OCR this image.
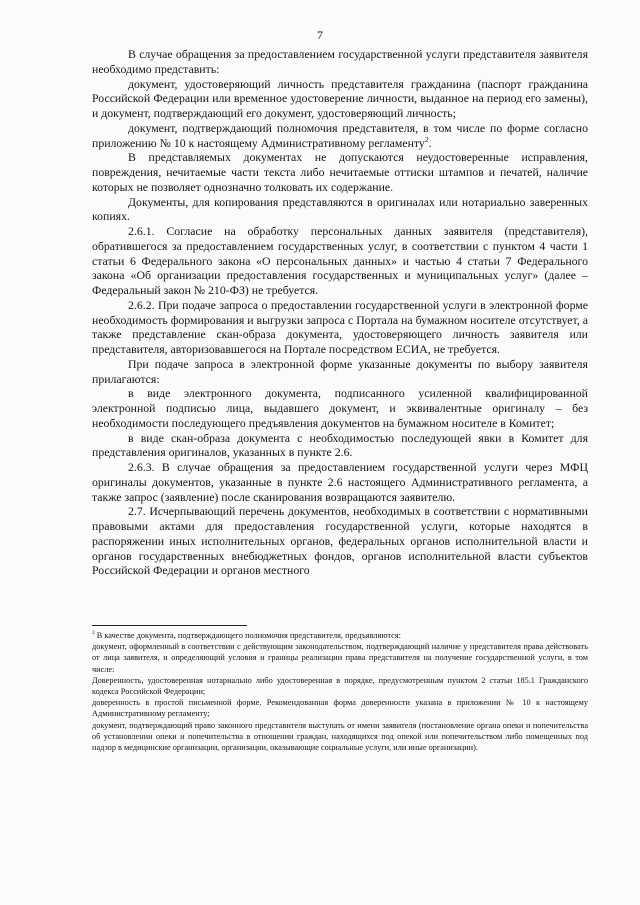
7

В случае обращения за предоставлением государственной услуги представителя заявителя необходимо представить:

документ, удостоверяющий личность представителя гражданина (паспорт гражданина Российской Федерации или временное удостоверение личности, выданное на период его замены), и документ, подтверждающий его документ, удостоверяющий личность;

документ, подтверждающий полномочия представителя, в том числе по форме согласно приложению № 10 к настоящему Административному регламенту$^2$.

В представляемых документах не допускаются неудостоверенные исправления, повреждения, нечитаемые части текста либо нечитаемые оттиски штампов и печатей, наличие которых не позволяет однозначно толковать их содержание.

Документы, для копирования представляются в оригиналах или нотариально заверенных копиях.

2.6.1. Согласие на обработку персональных данных заявителя (представителя), обратившегося за предоставлением государственных услуг, в соответствии с пунктом 4 части 1 статьи 6 Федерального закона «О персональных данных» и частью 4 статьи 7 Федерального закона «Об организации предоставления государственных и муниципальных услуг» (далее – Федеральный закон № 210-ФЗ) не требуется.

2.6.2. При подаче запроса о предоставлении государственной услуги в электронной форме необходимость формирования и выгрузки запроса с Портала на бумажном носителе отсутствует, а также представление скан-образа документа, удостоверяющего личность заявителя или представителя, авторизовавшегося на Портале посредством ЕСИА, не требуется.

При подаче запроса в электронной форме указанные документы по выбору заявителя прилагаются:

в виде электронного документа, подписанного усиленной квалифицированной электронной подписью лица, выдавшего документ, и эквивалентные оригиналу – без необходимости последующего предъявления документов на бумажном носителе в Комитет;

в виде скан-образа документа с необходимостью последующей явки в Комитет для представления оригиналов, указанных в пункте 2.6.

2.6.3. В случае обращения за предоставлением государственной услуги через МФЦ оригиналы документов, указанные в пункте 2.6 настоящего Административного регламента, а также запрос (заявление) после сканирования возвращаются заявителю.

2.7. Исчерпывающий перечень документов, необходимых в соответствии с нормативными правовыми актами для предоставления государственной услуги, которые находятся в распоряжении иных исполнительных органов, федеральных органов исполнительной власти и органов государственных внебюджетных фондов, органов исполнительной власти субъектов Российской Федерации и органов местного

$^2$ В качестве документа, подтверждающего полномочия представителя, предъявляются:

документ, оформленный в соответствии с действующим законодательством, подтверждающий наличие у представителя права действовать от лица заявителя, и определяющий условия и границы реализации права представителя на получение государственной услуги, в том числе:

Доверенность, удостоверенная нотариально либо удостоверенная в порядке, предусмотренным пунктом 2 статьи 185.1 Гражданского кодекса Российской Федерации;

доверенность в простой письменной форме. Рекомендованная форма доверенности указана в приложении № 10 к настоящему Административному регламенту;

документ, подтверждающий право законного представителя выступать от имени заявителя (постановление органа опеки и попечительства об установлении опеки и попечительства в отношении граждан, находящихся под опекой или попечительством либо помещенных под надзор в медицинские организации, организации, оказывающие социальные услуги, или иные организации).
